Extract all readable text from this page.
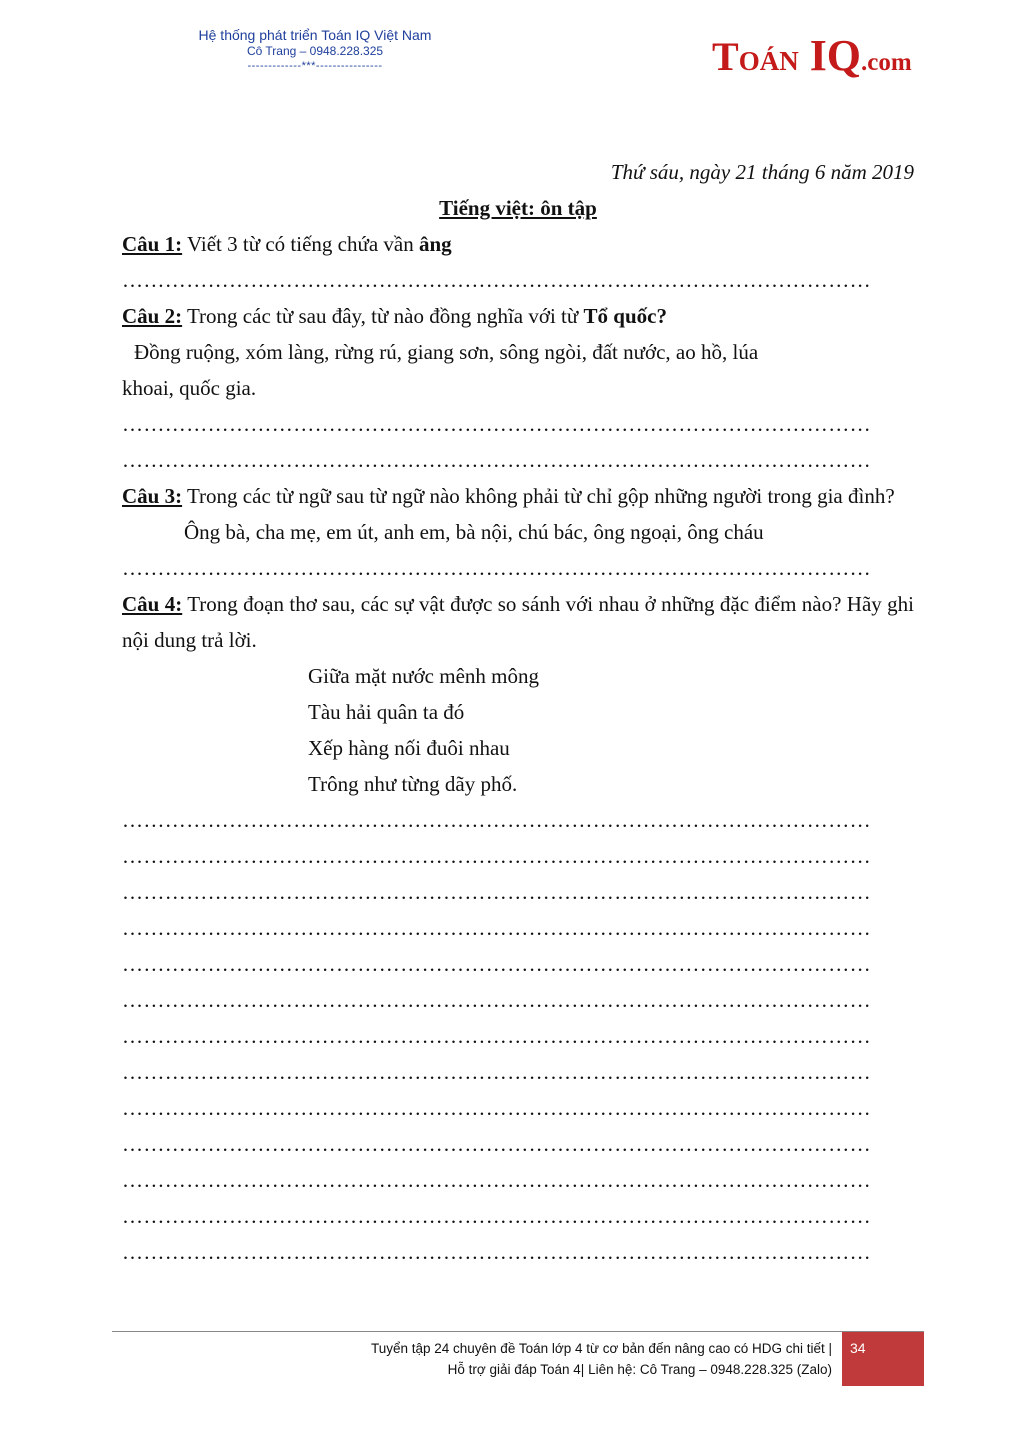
Hệ thống phát triển Toán IQ Việt Nam
Cô Trang – 0948.228.325
-------------***----------------	TOÁN IQ.com
Thứ sáu, ngày 21 tháng 6 năm 2019
Tiếng việt: ôn tập
Câu 1: Viết 3 từ có tiếng chứa vần âng
……………………………………………………………………………………………
Câu 2: Trong các từ sau đây, từ nào đồng nghĩa với từ Tổ quốc?
Đồng ruộng, xóm làng, rừng rú, giang sơn, sông ngòi, đất nước, ao hồ, lúa
khoai, quốc gia.
……………………………………………………………………………………………
……………………………………………………………………………………………
Câu 3: Trong các từ ngữ sau từ ngữ nào không phải từ chỉ gộp những người trong gia đình?
Ông bà, cha mẹ, em út, anh em, bà nội, chú bác, ông ngoại, ông cháu
……………………………………………………………………………………………
Câu 4: Trong đoạn thơ sau, các sự vật được so sánh với nhau ở những đặc điểm nào? Hãy ghi nội dung trả lời.
Giữa mặt nước mênh mông
Tàu hải quân ta đó
Xếp hàng nối đuôi nhau
Trông như từng dãy phố.
……………………………………………………………………………………………
……………………………………………………………………………………………
……………………………………………………………………………………………
……………………………………………………………………………………………
……………………………………………………………………………………………
……………………………………………………………………………………………
……………………………………………………………………………………………
……………………………………………………………………………………………
……………………………………………………………………………………………
……………………………………………………………………………………………
……………………………………………………………………………………………
……………………………………………………………………………………………
……………………………………………………………………………………………
Tuyển tập 24 chuyên đề Toán lớp 4 từ cơ bản đến nâng cao có HDG chi tiết |
Hỗ trợ giải đáp Toán 4| Liên hệ: Cô Trang – 0948.228.325 (Zalo)
34
